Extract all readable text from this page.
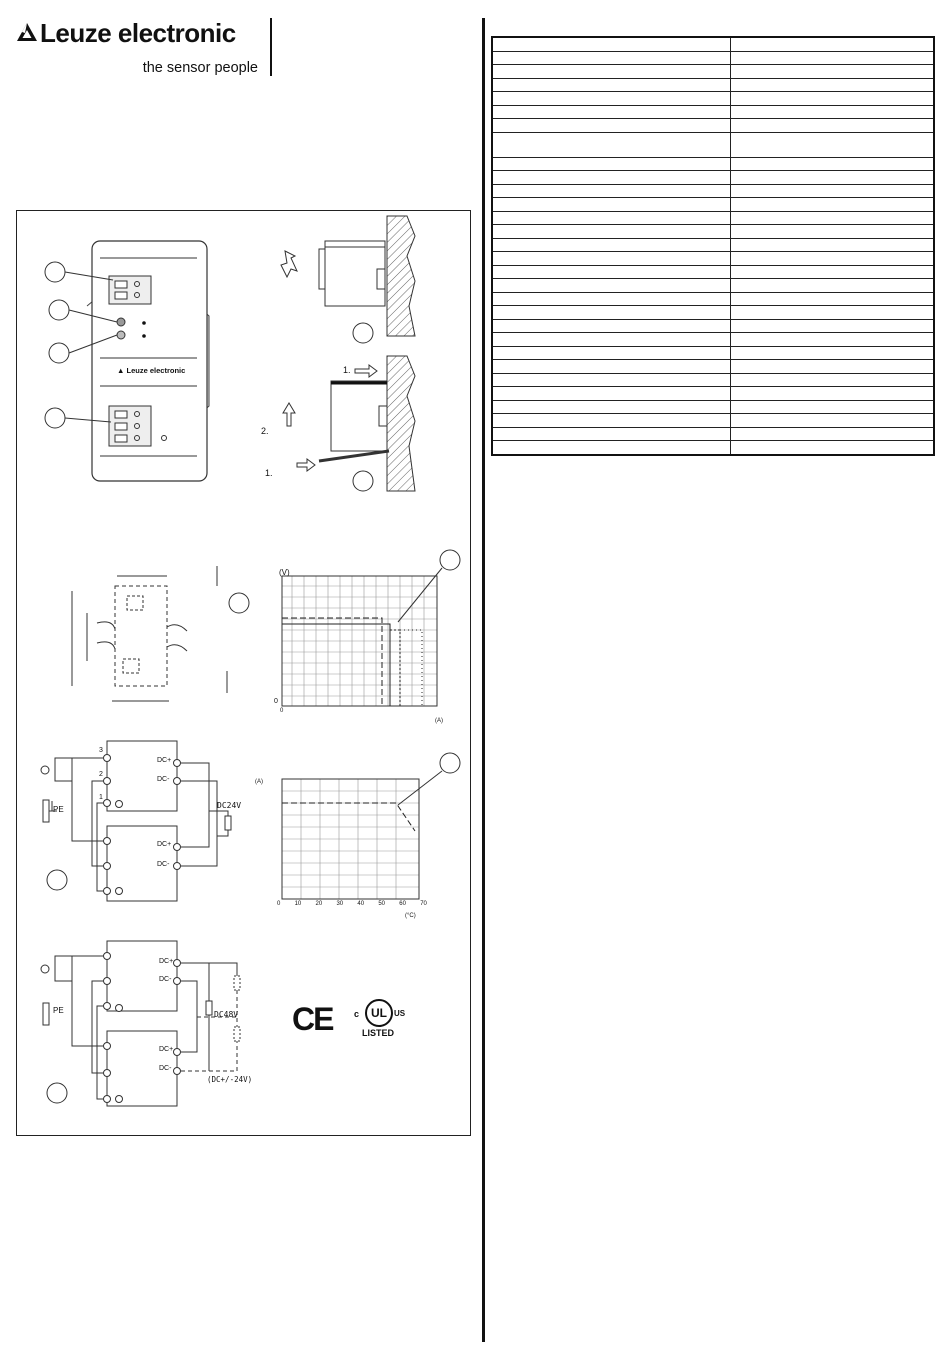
Leuze electronic
the sensor people
▲ Leuze electronic	1.
2.
1.
(V)
0
0
(A)
PE
DC+
DC-
DC+
DC-
DC24V
3
2
1
(A)
(°C)
0 10 20 30 40 50 60 70
PE
DC+
DC-
DC+
DC-
DC48V
(DC+/-24V)
CE	UL
c	US
LISTED
